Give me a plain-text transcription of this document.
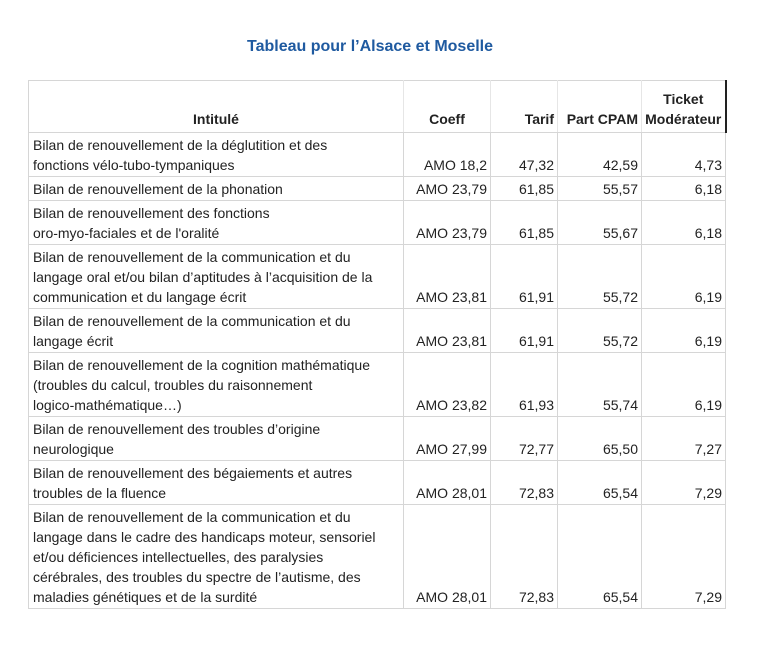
Tableau pour l’Alsace et Moselle
Intitulé	Coeff	Tarif	Part CPAM	Ticket
Modérateur

Bilan de renouvellement de la déglutition et des
fonctions vélo-tubo-tympaniques	AMO 18,2	47,32	42,59	4,73

Bilan de renouvellement de la phonation	AMO 23,79	61,85	55,57	6,18

Bilan de renouvellement des fonctions
oro-myo-faciales et de l'oralité	AMO 23,79	61,85	55,67	6,18

Bilan de renouvellement de la communication et du
langage oral et/ou bilan d’aptitudes à l’acquisition de la
communication et du langage écrit	AMO 23,81	61,91	55,72	6,19

Bilan de renouvellement de la communication et du
langage écrit	AMO 23,81	61,91	55,72	6,19

Bilan de renouvellement de la cognition mathématique
(troubles du calcul, troubles du raisonnement
logico-mathématique…)	AMO 23,82	61,93	55,74	6,19

Bilan de renouvellement des troubles d’origine
neurologique	AMO 27,99	72,77	65,50	7,27

Bilan de renouvellement des bégaiements et autres
troubles de la fluence	AMO 28,01	72,83	65,54	7,29

Bilan de renouvellement de la communication et du
langage dans le cadre des handicaps moteur, sensoriel
et/ou déficiences intellectuelles, des paralysies
cérébrales, des troubles du spectre de l’autisme, des
maladies génétiques et de la surdité	AMO 28,01	72,83	65,54	7,29
